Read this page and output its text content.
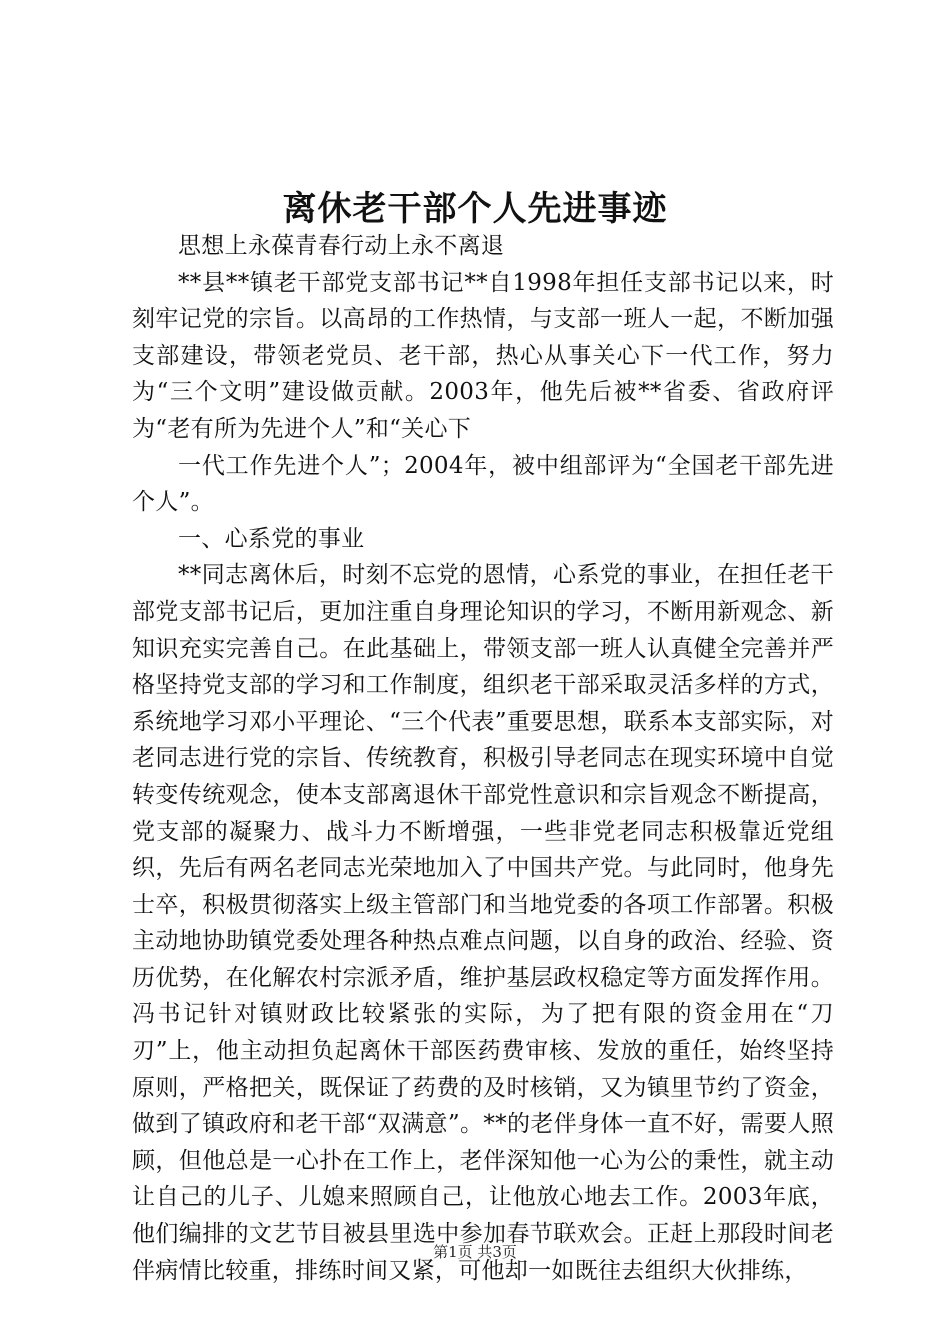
离休老干部个人先进事迹

思想上永葆青春行动上永不离退

**县**镇老干部党支部书记**自1998年担任支部书记以来，时刻牢记党的宗旨。以高昂的工作热情，与支部一班人一起，不断加强支部建设，带领老党员、老干部，热心从事关心下一代工作，努力为“三个文明”建设做贡献。2003年，他先后被**省委、省政府评为“老有所为先进个人”和“关心下

一代工作先进个人”；2004年，被中组部评为“全国老干部先进个人”。

一、心系党的事业

**同志离休后，时刻不忘党的恩情，心系党的事业，在担任老干部党支部书记后，更加注重自身理论知识的学习，不断用新观念、新知识充实完善自己。在此基础上，带领支部一班人认真健全完善并严格坚持党支部的学习和工作制度，组织老干部采取灵活多样的方式，系统地学习邓小平理论、“三个代表”重要思想，联系本支部实际，对老同志进行党的宗旨、传统教育，积极引导老同志在现实环境中自觉转变传统观念，使本支部离退休干部党性意识和宗旨观念不断提高，党支部的凝聚力、战斗力不断增强，一些非党老同志积极靠近党组织，先后有两名老同志光荣地加入了中国共产党。与此同时，他身先士卒，积极贯彻落实上级主管部门和当地党委的各项工作部署。积极主动地协助镇党委处理各种热点难点问题，以自身的政治、经验、资历优势，在化解农村宗派矛盾，维护基层政权稳定等方面发挥作用。冯书记针对镇财政比较紧张的实际，为了把有限的资金用在“刀刃”上，他主动担负起离休干部医药费审核、发放的重任，始终坚持原则，严格把关，既保证了药费的及时核销，又为镇里节约了资金，做到了镇政府和老干部“双满意”。**的老伴身体一直不好，需要人照顾，但他总是一心扑在工作上，老伴深知他一心为公的秉性，就主动让自己的儿子、儿媳来照顾自己，让他放心地去工作。2003年底，他们编排的文艺节目被县里选中参加春节联欢会。正赶上那段时间老伴病情比较重，排练时间又紧，可他却一如既往去组织大伙排练，

第1页 共3页
